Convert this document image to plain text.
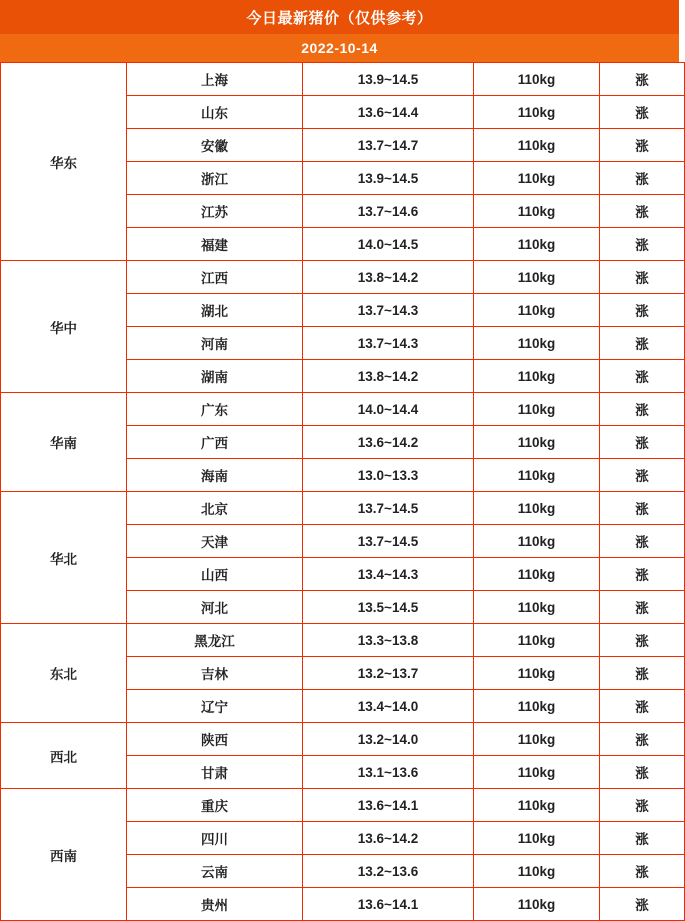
今日最新猪价（仅供参考）
2022-10-14
华东	上海	13.9~14.5	110kg	涨
	山东	13.6~14.4	110kg	涨
	安徽	13.7~14.7	110kg	涨
	浙江	13.9~14.5	110kg	涨
	江苏	13.7~14.6	110kg	涨
	福建	14.0~14.5	110kg	涨
华中	江西	13.8~14.2	110kg	涨
	湖北	13.7~14.3	110kg	涨
	河南	13.7~14.3	110kg	涨
	湖南	13.8~14.2	110kg	涨
华南	广东	14.0~14.4	110kg	涨
	广西	13.6~14.2	110kg	涨
	海南	13.0~13.3	110kg	涨
华北	北京	13.7~14.5	110kg	涨
	天津	13.7~14.5	110kg	涨
	山西	13.4~14.3	110kg	涨
	河北	13.5~14.5	110kg	涨
东北	黑龙江	13.3~13.8	110kg	涨
	吉林	13.2~13.7	110kg	涨
	辽宁	13.4~14.0	110kg	涨
西北	陕西	13.2~14.0	110kg	涨
	甘肃	13.1~13.6	110kg	涨
西南	重庆	13.6~14.1	110kg	涨
	四川	13.6~14.2	110kg	涨
	云南	13.2~13.6	110kg	涨
	贵州	13.6~14.1	110kg	涨
